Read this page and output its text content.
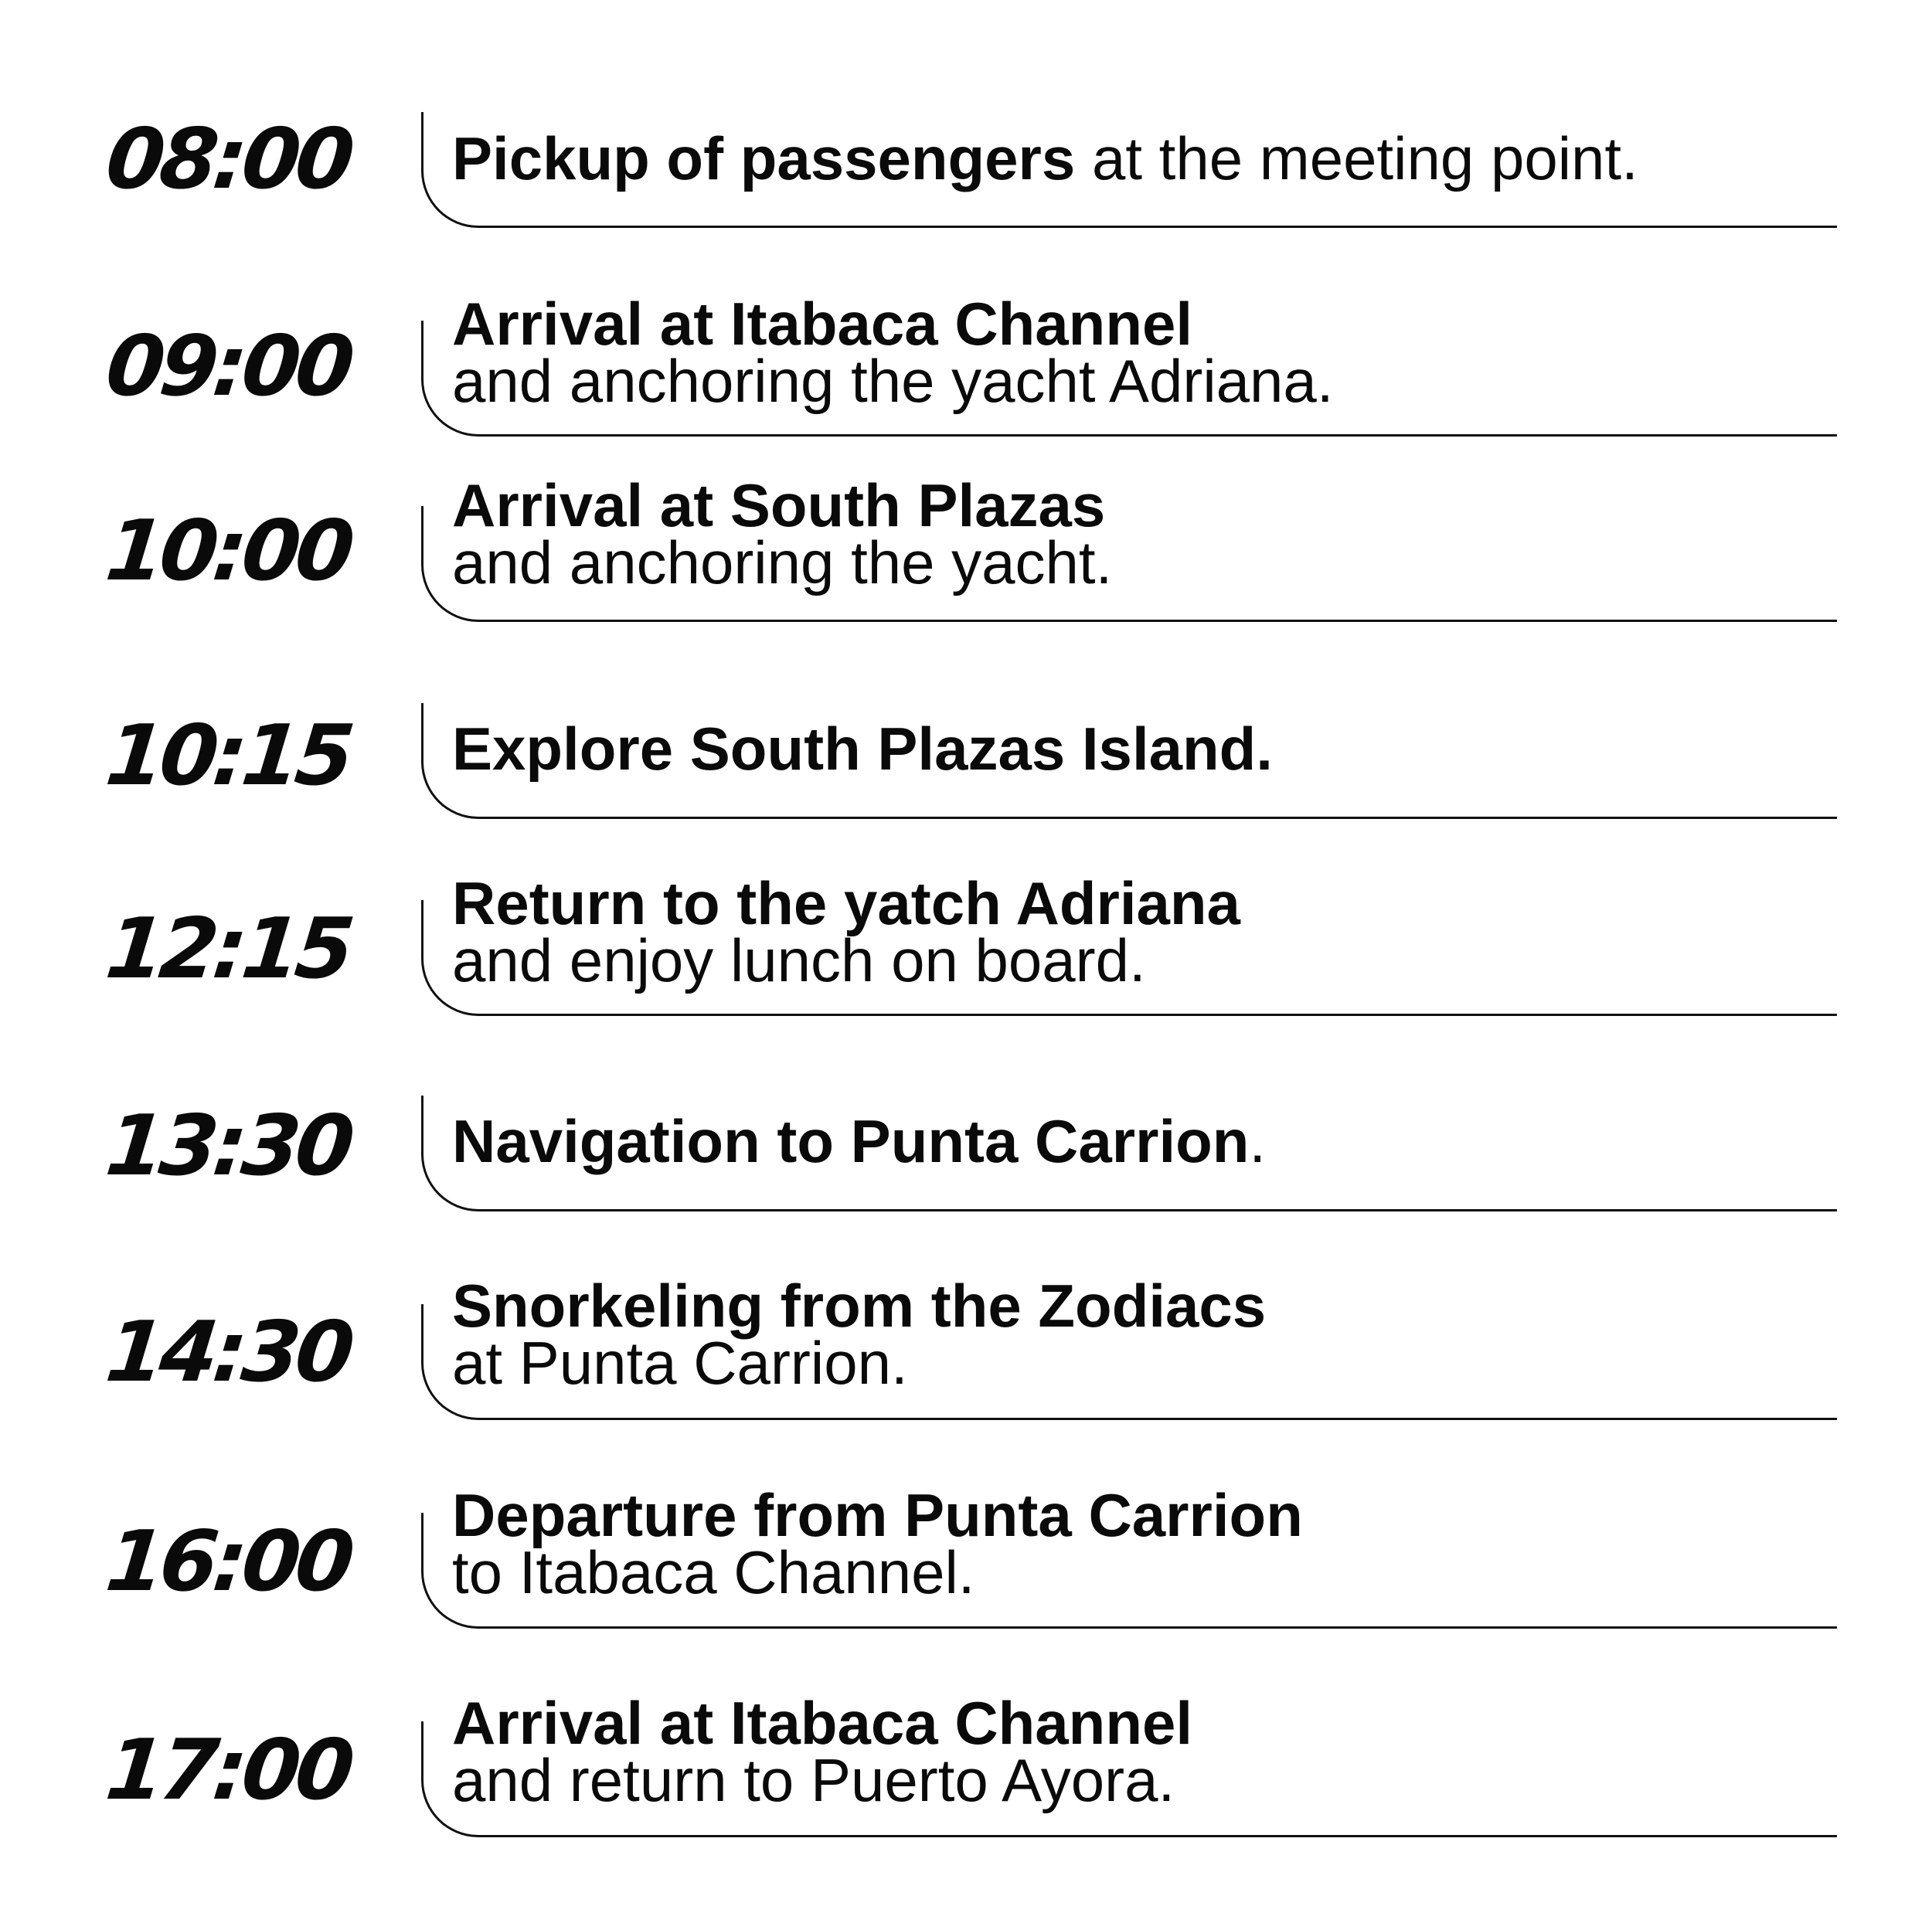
08:00 Pickup of passengers at the meeting point.
09:00 Arrival at Itabaca Channel
and anchoring the yacht Adriana.
10:00 Arrival at South Plazas
and anchoring the yacht.
10:15 Explore South Plazas Island.
12:15 Return to the yatch Adriana
and enjoy lunch on board.
13:30 Navigation to Punta Carrion.
14:30 Snorkeling from the Zodiacs
at Punta Carrion.
16:00 Departure from Punta Carrion
to Itabaca Channel.
17:00 Arrival at Itabaca Channel
and return to Puerto Ayora.
